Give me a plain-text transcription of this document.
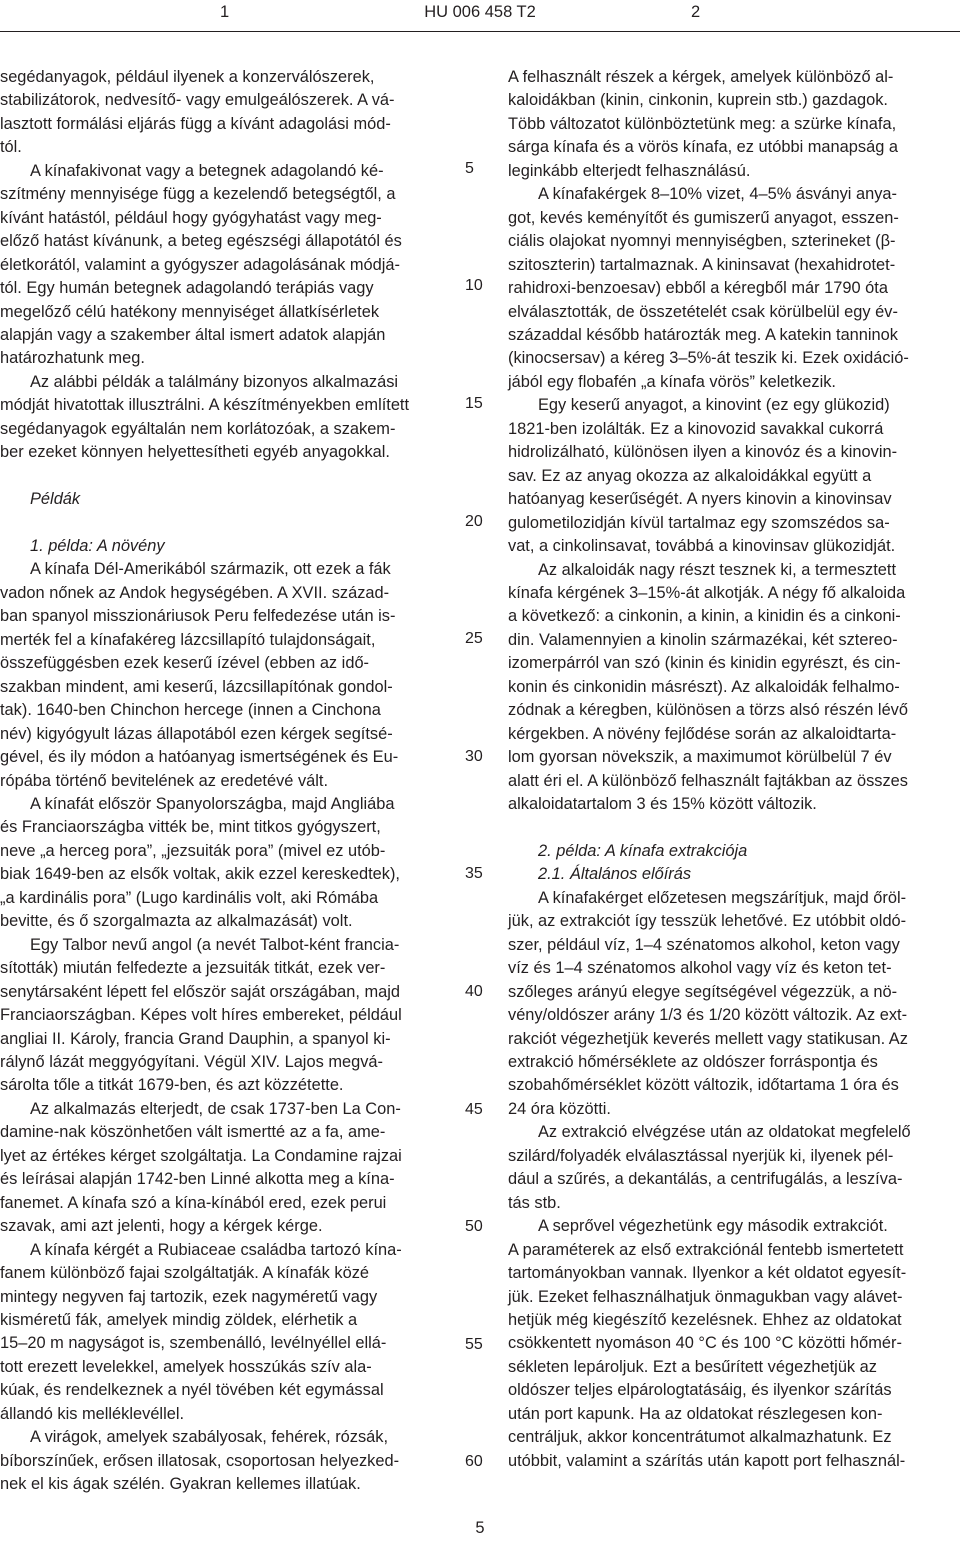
1	HU 006 458 T2	2

segédanyagok, például ilyenek a konzerválószerek,
stabilizátorok, nedvesítő- vagy emulgeálószerek. A vá-
lasztott formálási eljárás függ a kívánt adagolási mód-
tól.

A kínafakivonat vagy a betegnek adagolandó ké-
szítmény mennyisége függ a kezelendő betegségtől, a
kívánt hatástól, például hogy gyógyhatást vagy meg-
előző hatást kívánunk, a beteg egészségi állapotától és
életkorától, valamint a gyógyszer adagolásának módjá-
tól. Egy humán betegnek adagolandó terápiás vagy
megelőző célú hatékony mennyiséget állatkísérletek
alapján vagy a szakember által ismert adatok alapján
határozhatunk meg.

Az alábbi példák a találmány bizonyos alkalmazási
módját hivatottak illusztrálni. A készítményekben említett
segédanyagok egyáltalán nem korlátozóak, a szakem-
ber ezeket könnyen helyettesítheti egyéb anyagokkal.

Példák

1. példa: A növény

A kínafa Dél-Amerikából származik, ott ezek a fák
vadon nőnek az Andok hegységében. A XVII. század-
ban spanyol misszionáriusok Peru felfedezése után is-
merték fel a kínafakéreg lázcsillapító tulajdonságait,
összefüggésben ezek keserű ízével (ebben az idő-
szakban mindent, ami keserű, lázcsillapítónak gondol-
tak). 1640-ben Chinchon hercege (innen a Cinchona
név) kigyógyult lázas állapotából ezen kérgek segítsé-
gével, és ily módon a hatóanyag ismertségének és Eu-
rópába történő bevitelének az eredetévé vált.

A kínafát először Spanyolországba, majd Angliába
és Franciaországba vitték be, mint titkos gyógyszert,
neve „a herceg pora”, „jezsuiták pora” (mivel ez utób-
biak 1649-ben az elsők voltak, akik ezzel kereskedtek),
„a kardinális pora” (Lugo kardinális volt, aki Rómába
bevitte, és ő szorgalmazta az alkalmazását) volt.

Egy Talbor nevű angol (a nevét Talbot-ként francia-
sították) miután felfedezte a jezsuiták titkát, ezek ver-
senytársaként lépett fel először saját országában, majd
Franciaországban. Képes volt híres embereket, például
angliai II. Károly, francia Grand Dauphin, a spanyol ki-
rálynő lázát meggyógyítani. Végül XIV. Lajos megvá-
sárolta tőle a titkát 1679-ben, és azt közzétette.

Az alkalmazás elterjedt, de csak 1737-ben La Con-
damine-nak köszönhetően vált ismertté az a fa, ame-
lyet az értékes kérget szolgáltatja. La Condamine rajzai
és leírásai alapján 1742-ben Linné alkotta meg a kína-
fanemet. A kínafa szó a kína-kínából ered, ezek perui
szavak, ami azt jelenti, hogy a kérgek kérge.

A kínafa kérgét a Rubiaceae családba tartozó kína-
fanem különböző fajai szolgáltatják. A kínafák közé
mintegy negyven faj tartozik, ezek nagyméretű vagy
kisméretű fák, amelyek mindig zöldek, elérhetik a
15–20 m nagyságot is, szembenálló, levélnyéllel ellá-
tott erezett levelekkel, amelyek hosszúkás szív ala-
kúak, és rendelkeznek a nyél tövében két egymással
állandó kis melléklevéllel.

A virágok, amelyek szabályosak, fehérek, rózsák,
bíborszínűek, erősen illatosak, csoportosan helyezked-
nek el kis ágak szélén. Gyakran kellemes illatúak.

A felhasznált részek a kérgek, amelyek különböző al-
kaloidákban (kinin, cinkonin, kuprein stb.) gazdagok.
Több változatot különböztetünk meg: a szürke kínafa,
sárga kínafa és a vörös kínafa, ez utóbbi manapság a
leginkább elterjedt felhasználású.

A kínafakérgek 8–10% vizet, 4–5% ásványi anya-
got, kevés keményítőt és gumiszerű anyagot, esszen-
ciális olajokat nyomnyi mennyiségben, szterineket (β-
szitoszterin) tartalmaznak. A kininsavat (hexahidrotet-
rahidroxi-benzoesav) ebből a kéregből már 1790 óta
elválasztották, de összetételét csak körülbelül egy év-
századdal később határozták meg. A katekin tanninok
(kinocsersav) a kéreg 3–5%-át teszik ki. Ezek oxidáció-
jából egy flobafén „a kínafa vörös” keletkezik.

Egy keserű anyagot, a kinovint (ez egy glükozid)
1821-ben izolálták. Ez a kinovozid savakkal cukorrá
hidrolizálható, különösen ilyen a kinovóz és a kinovin-
sav. Ez az anyag okozza az alkaloidákkal együtt a
hatóanyag keserűségét. A nyers kinovin a kinovinsav
gulometilozidján kívül tartalmaz egy szomszédos sa-
vat, a cinkolinsavat, továbbá a kinovinsav glükozidját.

Az alkaloidák nagy részt tesznek ki, a termesztett
kínafa kérgének 3–15%-át alkotják. A négy fő alkaloida
a következő: a cinkonin, a kinin, a kinidin és a cinkoni-
din. Valamennyien a kinolin származékai, két sztereo-
izomerpárról van szó (kinin és kinidin egyrészt, és cin-
konin és cinkonidin másrészt). Az alkaloidák felhalmo-
zódnak a kéregben, különösen a törzs alsó részén lévő
kérgekben. A növény fejlődése során az alkaloidtarta-
lom gyorsan növekszik, a maximumot körülbelül 7 év
alatt éri el. A különböző felhasznált fajtákban az összes
alkaloidatartalom 3 és 15% között változik.

2. példa: A kínafa extrakciója

2.1. Általános előírás

A kínafakérget előzetesen megszárítjuk, majd őröl-
jük, az extrakciót így tesszük lehetővé. Ez utóbbit oldó-
szer, például víz, 1–4 szénatomos alkohol, keton vagy
víz és 1–4 szénatomos alkohol vagy víz és keton tet-
szőleges arányú elegye segítségével végezzük, a nö-
vény/oldószer arány 1/3 és 1/20 között változik. Az ext-
rakciót végezhetjük keverés mellett vagy statikusan. Az
extrakció hőmérséklete az oldószer forráspontja és
szobahőmérséklet között változik, időtartama 1 óra és
24 óra közötti.

Az extrakció elvégzése után az oldatokat megfelelő
szilárd/folyadék elválasztással nyerjük ki, ilyenek pél-
dául a szűrés, a dekantálás, a centrifugálás, a leszíva-
tás stb.

A seprővel végezhetünk egy második extrakciót.
A paraméterek az első extrakciónál fentebb ismertetett
tartományokban vannak. Ilyenkor a két oldatot egyesít-
jük. Ezeket felhasználhatjuk önmagukban vagy alávet-
hetjük még kiegészítő kezelésnek. Ehhez az oldatokat
csökkentett nyomáson 40 °C és 100 °C közötti hőmér-
sékleten lepároljuk. Ezt a besűrített végezhetjük az
oldószer teljes elpárologtatásáig, és ilyenkor szárítás
után port kapunk. Ha az oldatokat részlegesen kon-
centráljuk, akkor koncentrátumot alkalmazhatunk. Ez
utóbbit, valamint a szárítás után kapott port felhasznál-

5
10
15
20
25
30
35
40
45
50
55
60
5
